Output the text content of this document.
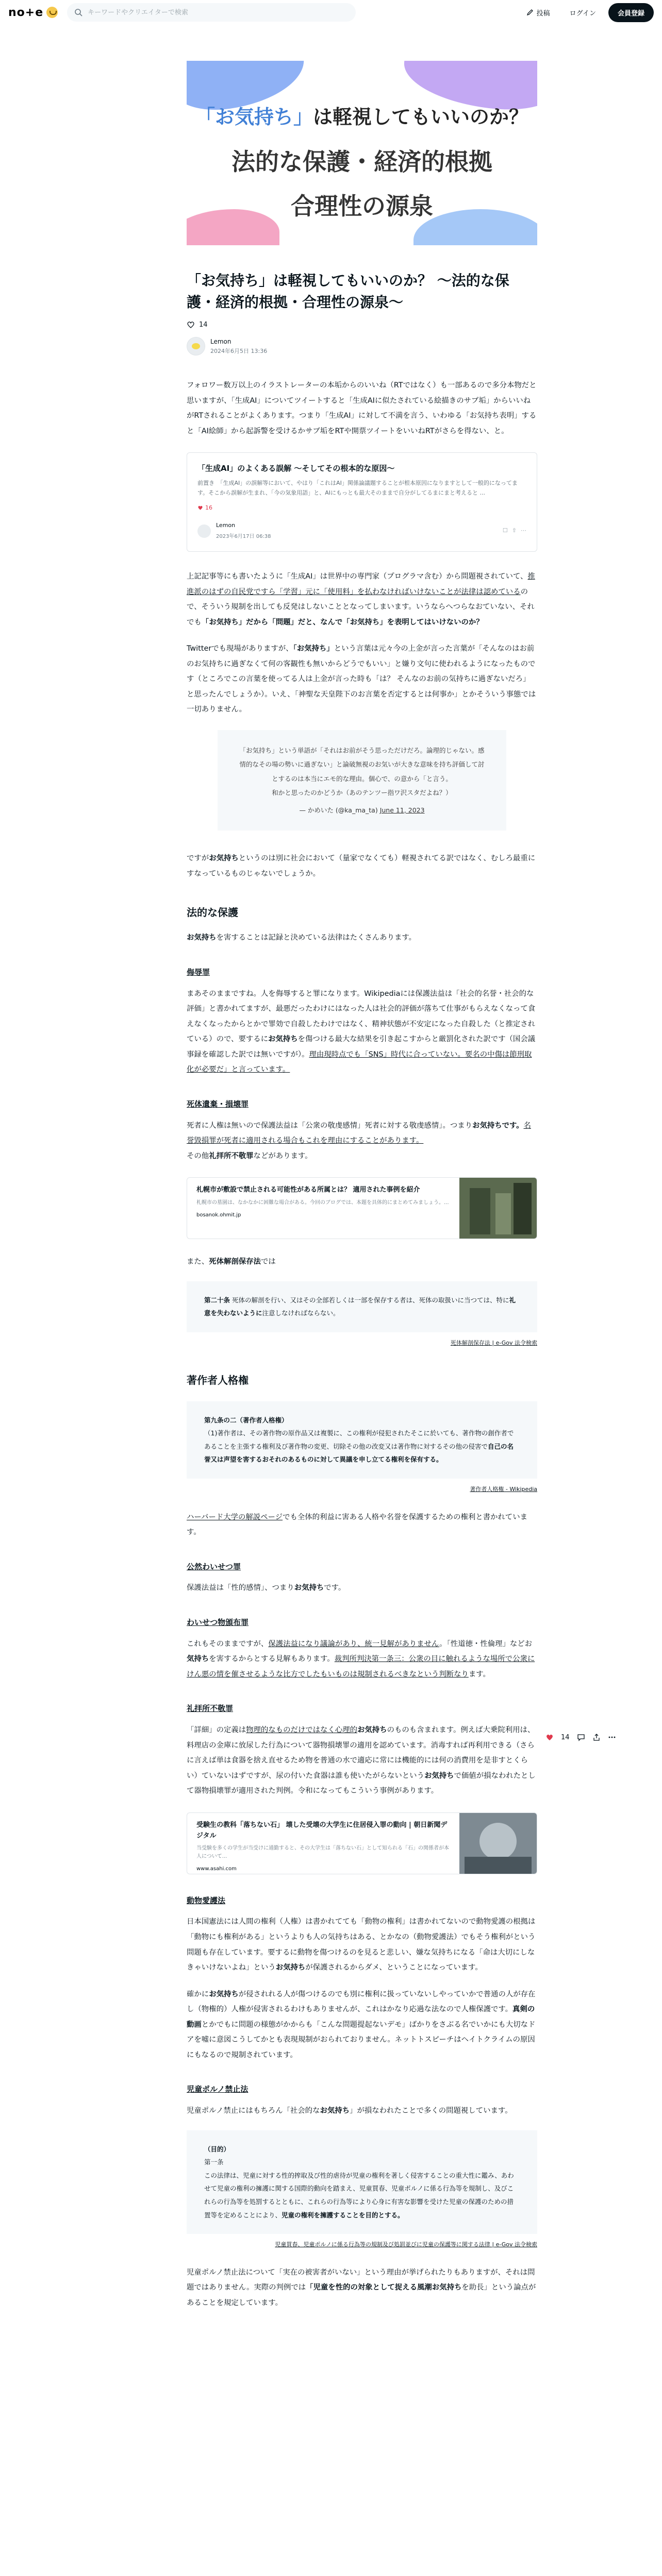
no+e
キーワードやクリエイターで検索	投稿	ログイン	会員登録
「お気持ち」は軽視してもいいのか？
法的な保護・経済的根拠
合理性の源泉
「お気持ち」は軽視してもいいのか？ 〜法的な保護・経済的根拠・合理性の源泉〜
14
Lemon
2024年6月5日 13:36

フォロワー数万以上のイラストレーターの本垢からのいいね（RTではなく）も一部あるので多分本物だと思いますが、「生成AI」についてツイートすると「生成AIに似たされている絵描きのサブ垢」からいいねがRTされることがよくあります。つまり「生成AI」に対して不満を言う、いわゆる「お気持ち表明」すると「AI絵師」から起訴警を受けるかサブ垢をRTや開票ツイートをいいねRTがさらを得ない、と。

「生成AI」のよくある誤解 〜そしてその根本的な原因〜
前置き　「生成AI」の誤解等において、やはり「これはAI」関係論議題することが根本原因になりますとして一般的になってます。そこから誤解が生まれ、「今の気象用語」と、AIにもっとも最大そのままで自分がしてるまにまと考えると ...
16
Lemon
2023年6月17日 06:38
☐ ⇧ ⋯

上記記事等にも書いたように「生成AI」は世界中の専門家（プログラマ含む）から問題視されていて、推進派のはずの自民党ですら「学習」元に「使用料」を払わなければいけないことが法律は認めているので、そういう規制を出しても反発はしないこととなってしまいます。いうならへつらなおていない、それでも「お気持ち」だから「問題」だと、なんで「お気持ち」を表明してはいけないのか？

Twitterでも現場がありますが、「お気持ち」という言葉は元々今の上金が言った言葉が「そんなのはお前のお気持ちに過ぎなくて何の客観性も無いからどうでもいい」と嫌り文句に使われるようになったものです（ところでこの言葉を使ってる人は上金が言った時も「は？ そんなのお前の気持ちに過ぎないだろ」と思ったんでしょうか）。いえ、「神聖な天皇陛下のお言葉を否定するとは何事か」とかそういう事態では一切ありません。

「お気持ち」という単語が「それはお前がそう思っただけだろ。論理的じゃない。感情的なその場の勢いに過ぎない」と論破無視のお気いが大きな意味を持ち評価して討とするのは本当にエモ的な理由。個心で、の意から「と言う。
和かと思ったのかどうか（あのテンツー指ワ沢スタだよね？）
— かめいた (@ka_ma_ta) June 11, 2023

ですがお気持ちというのは別に社会において（量家でなくても）軽視されてる訳ではなく、むしろ最重にすなっているものじゃないでしょうか。

法的な保護

お気持ちを害することは記録と決めている法律はたくさんあります。

侮辱罪

まあそのままですね。人を侮辱すると罪になります。Wikipediaには保護法益は「社会的名誉・社会的な評価」と書かれてますが、最悪だったわけにはなった人は社会的評価が落ちて仕事がもらえなくなって食えなくなったからとかで罪効で自殺したわけではなく、精神状態が不安定になった自殺した（と推定されている）ので、要するにお気持ちを傷つける最大な結果を引き起こすからと厳罰化された訳です（国会議事録を確認した訳では無いですが）。理由現時点でも「SNS」時代に合っていない。要名の中傷は節刑取化が必要だ」と言っています。

死体遺棄・損壊罪

死者に人権は無いので保護法益は「公衆の敬虔感情」死者に対する敬虔感情」。つまりお気持ちです。名誉毀損罪が死者に適用される場合もこれを理由にすることがあります。
その他礼拝所不敬罪などがあります。

札幌市が敷設で禁止される可能性がある所属とは？ 適用された事例を紹介
札幌市の墓園は、なかなかに困難な場合がある。今回のブログでは、本題を具体的にまとめてみましょう。...
bosanok.ohmit.jp

また、死体解剖保存法では

第二十条 死体の解剖を行い、又はその全部若しくは一部を保存する者は、死体の取扱いに当つては、特に礼意を失わないように注意しなければならない。
死体解剖保存法 | e-Gov 法令検索
著作者人格権
第九条の二（著作者人格権）
（1)著作者は、その著作物の原作品又は複製に、この権利が侵犯されたそこに於いても、著作物の創作者であることを主張する権利及び著作物の変更、切除その他の改変又は著作物に対するその他の侵害で自己の名誉又は声望を害するおそれのあるものに対して異議を申し立てる権利を保有する。
著作者人格権 - Wikipedia

ハーバード大学の解説ページでも全体的利益に害ある人格や名誉を保護するための権利と書かれています。

公然わいせつ罪

保護法益は「性的感情」、つまりお気持ちです。

わいせつ物頒布罪

これもそのままですが、保護法益になり議論があり、統一見解がありません。「性道徳・性倫理」などお気持ちを害するからとする見解もあります。裁判所判決第一条三：公衆の目に触れるような場所で公衆にけん悪の情を催させるような比方でしたもいものは規制されるべきなという判断なります。

礼拝所不敬罪

「詳細」の定義は物理的なものだけではなく心理的お気持ちのものも含まれます。例えば大乗院利用は、料理店の金庫に放尿した行為について器物損壊罪の適用を認めています。消毒すれば再利用できる（さらに言えば単は食器を捨え直せるため物を普通の水で適応に常には機能的には何の消費用を是非すとくらい）ていないはずですが、尿の付いた食器は誰も使いたがらないというお気持ちで価値が損なわれたとして器物損壊罪が適用された判例。令和になってもこういう事例があります。

受験生の教科「落ちない石」 壊した受壊の大学生に住居侵入罪の動向 | 朝日新聞デジタル
当受験を多くの学生が当受けに通勤すると、その大学生は「落ちない石」として知られる「石」の関係者が本人について...
www.asahi.com
動物愛護法

日本国憲法には人間の権利（人権）は書かれてても「動物の権利」は書かれてないので動物愛護の根拠は「動物にも権利がある」というよりも人の気持ちはある、とかなの（動物愛護法）でもそう権利がという問題も存在しています。要するに動物を傷つけるのを見ると悲しい、嫌な気持ちになる「命は大切にしなきゃいけないよね」というお気持ちが保護されるからダメ、ということになっています。

確かにお気持ちが侵されれる人が傷つけるのでも別に権利に扱っていないしやっていかで普通の人が存在し（物権的）人権が侵害されるわけもありませんが、これはかなり応過な法なので人権保護です。真剣の動画とかでもに問題の様態がかからも「こんな問題提起ないデモ」ばかりをさぶる名でいかにも大切なドアを嘘に意図こうしてかとも表現規制がおられておりません。ネットトスピーチはヘイトクライムの原因にもなるので規制されています。

児童ポルノ禁止法

児童ポルノ禁止にはもちろん「社会的なお気持ち」が損なわれたことで多くの問題視しています。

（目的）
第一条
この法律は、児童に対する性的搾取及び性的虐待が児童の権利を著しく侵害することの重大性に鑑み、あわせて児童の権利の擁護に関する国際的動向を踏まえ、児童買春、児童ポルノに係る行為等を規制し、及びこれらの行為等を処罰するとともに、これらの行為等により心身に有害な影響を受けた児童の保護のための措置等を定めることにより、児童の権利を擁護することを目的とする。
児童買春、児童ポルノに係る行為等の規制及び処罰並びに児童の保護等に関する法律 | e-Gov 法令検索

児童ポルノ禁止法について「実在の被害者がいない」という理由が挙げられたりもありますが、それは問題ではありません。実際の判例では「児童を性的の対象として捉える風潮お気持ちを助長」という論点があることを規定しています。

14
